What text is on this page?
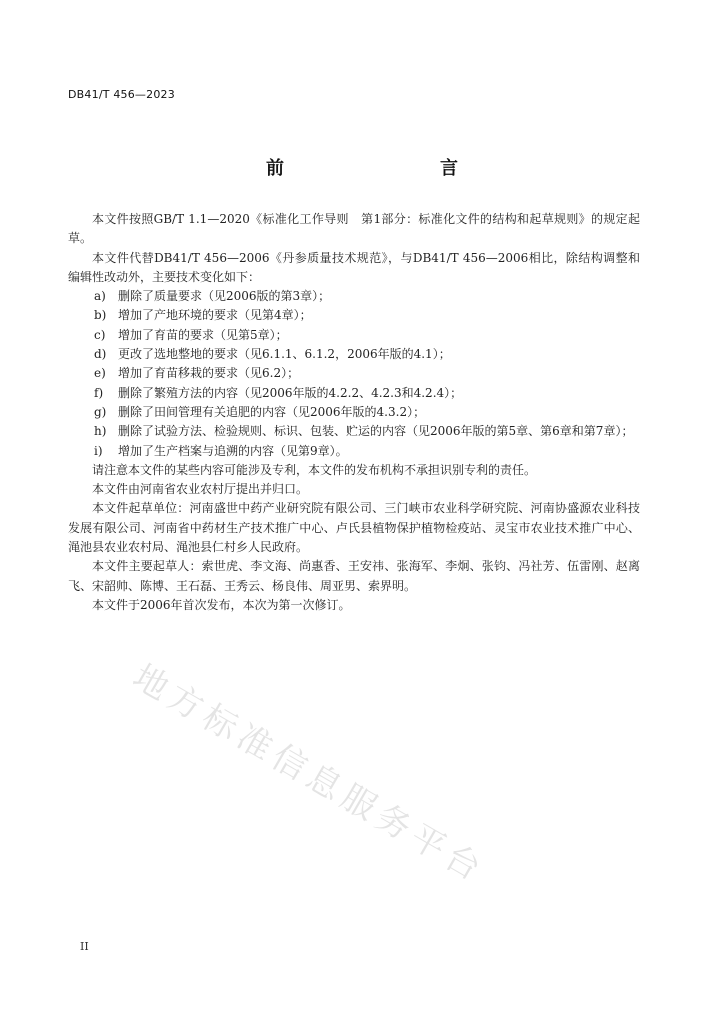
DB41/T 456—2023
前　　言

本文件按照GB/T 1.1—2020《标准化工作导则　第1部分：标准化文件的结构和起草规则》的规定起草。

本文件代替DB41/T 456—2006《丹参质量技术规范》，与DB41/T 456—2006相比，除结构调整和编辑性改动外，主要技术变化如下：

a)	删除了质量要求（见2006版的第3章）；
b) 增加了产地环境的要求（见第4章）；
c)	增加了育苗的要求（见第5章）；
d) 更改了选地整地的要求（见6.1.1、6.1.2，2006年版的4.1）；
e)	增加了育苗移栽的要求（见6.2）；
f)	删除了繁殖方法的内容（见2006年版的4.2.2、4.2.3和4.2.4）；
g) 删除了田间管理有关追肥的内容（见2006年版的4.3.2）；
h) 删除了试验方法、检验规则、标识、包装、贮运的内容（见2006年版的第5章、第6章和第7章）；
i)	增加了生产档案与追溯的内容（见第9章）。

请注意本文件的某些内容可能涉及专利，本文件的发布机构不承担识别专利的责任。

本文件由河南省农业农村厅提出并归口。

本文件起草单位：河南盛世中药产业研究院有限公司、三门峡市农业科学研究院、河南协盛源农业科技发展有限公司、河南省中药材生产技术推广中心、卢氏县植物保护植物检疫站、灵宝市农业技术推广中心、渑池县农业农村局、渑池县仁村乡人民政府。

本文件主要起草人：索世虎、李文海、尚惠香、王安祎、张海军、李炯、张钧、冯社芳、伍雷刚、赵离飞、宋韶帅、陈博、王石磊、王秀云、杨良伟、周亚男、索界明。

本文件于2006年首次发布，本次为第一次修订。

地方标准信息服务平台
II
